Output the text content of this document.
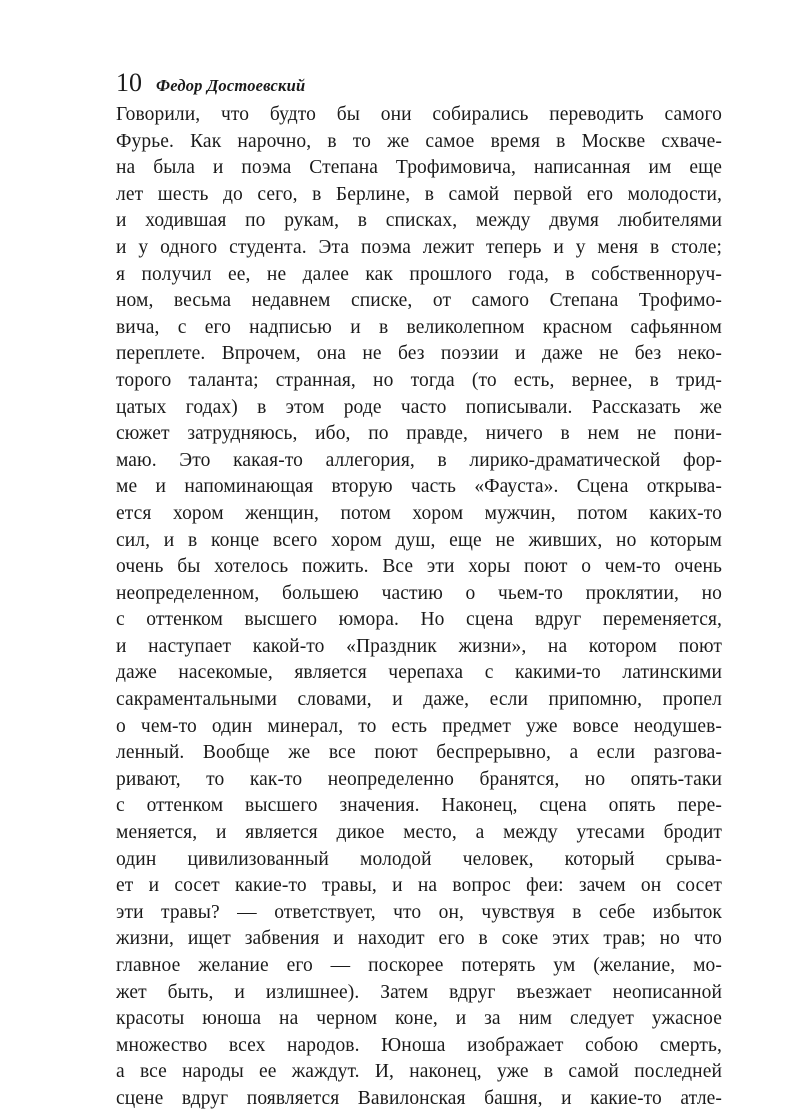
10 Федор Достоевский
Говорили, что будто бы они собирались переводить самого
Фурье. Как нарочно, в то же самое время в Москве схваче-
на была и поэма Степана Трофимовича, написанная им еще
лет шесть до сего, в Берлине, в самой первой его молодости,
и ходившая по рукам, в списках, между двумя любителями
и у одного студента. Эта поэма лежит теперь и у меня в столе;
я получил ее, не далее как прошлого года, в собственноруч-
ном, весьма недавнем списке, от самого Степана Трофимо-
вича, с его надписью и в великолепном красном сафьянном
переплете. Впрочем, она не без поэзии и даже не без неко-
торого таланта; странная, но тогда (то есть, вернее, в трид-
цатых годах) в этом роде часто пописывали. Рассказать же
сюжет затрудняюсь, ибо, по правде, ничего в нем не пони-
маю. Это какая-то аллегория, в лирико-драматической фор-
ме и напоминающая вторую часть «Фауста». Сцена открыва-
ется хором женщин, потом хором мужчин, потом каких-то
сил, и в конце всего хором душ, еще не живших, но которым
очень бы хотелось пожить. Все эти хоры поют о чем-то очень
неопределенном, большею частию о чьем-то проклятии, но
с оттенком высшего юмора. Но сцена вдруг переменяется,
и наступает какой-то «Праздник жизни», на котором поют
даже насекомые, является черепаха с какими-то латинскими
сакраментальными словами, и даже, если припомню, пропел
о чем-то один минерал, то есть предмет уже вовсе неодушев-
ленный. Вообще же все поют беспрерывно, а если разгова-
ривают, то как-то неопределенно бранятся, но опять-таки
с оттенком высшего значения. Наконец, сцена опять пере-
меняется, и является дикое место, а между утесами бродит
один цивилизованный молодой человек, который срыва-
ет и сосет какие-то травы, и на вопрос феи: зачем он сосет
эти травы? — ответствует, что он, чувствуя в себе избыток
жизни, ищет забвения и находит его в соке этих трав; но что
главное желание его — поскорее потерять ум (желание, мо-
жет быть, и излишнее). Затем вдруг въезжает неописанной
красоты юноша на черном коне, и за ним следует ужасное
множество всех народов. Юноша изображает собою смерть,
а все народы ее жаждут. И, наконец, уже в самой последней
сцене вдруг появляется Вавилонская башня, и какие-то атле-
